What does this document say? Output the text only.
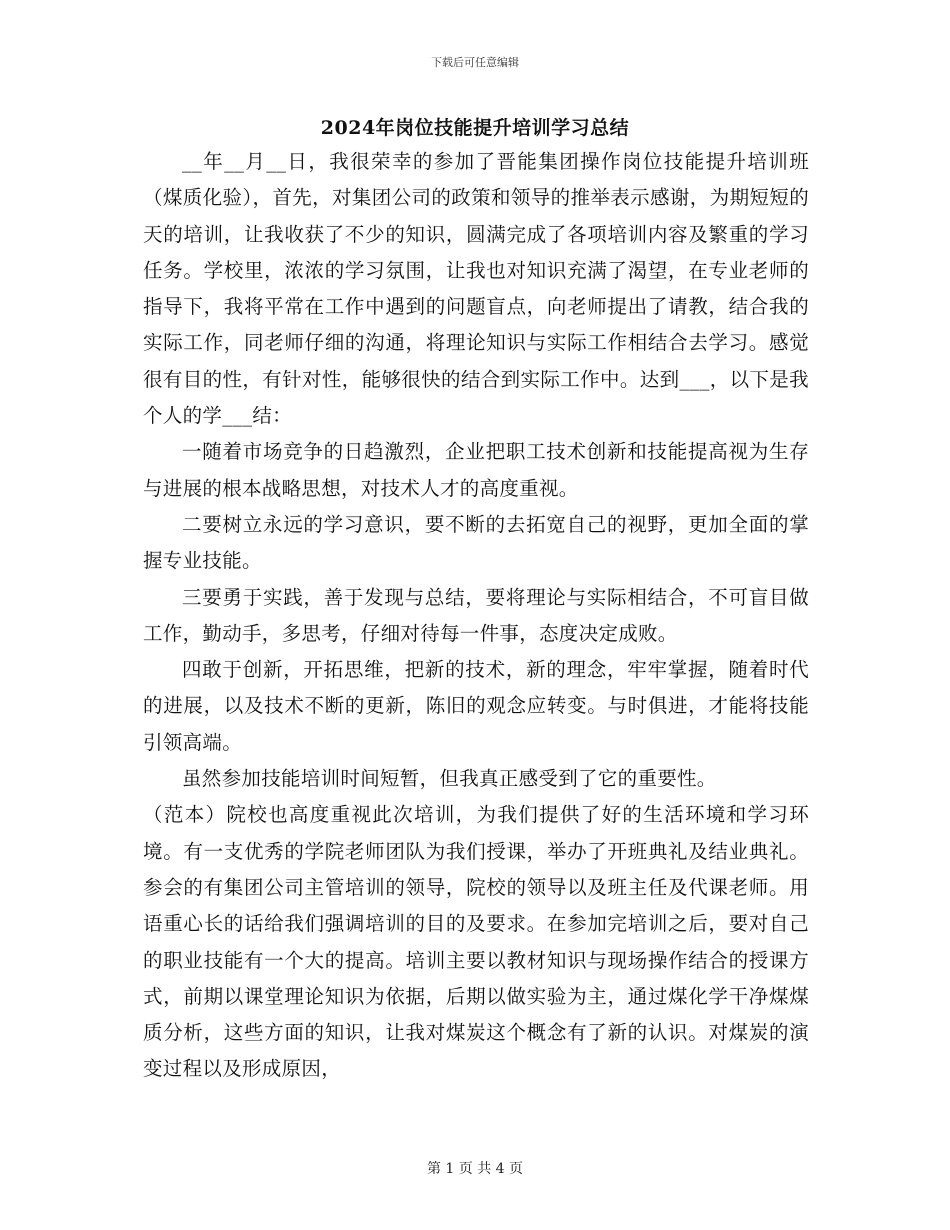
下载后可任意编辑
2024年岗位技能提升培训学习总结

__年__月__日，我很荣幸的参加了晋能集团操作岗位技能提升培训班（煤质化验），首先，对集团公司的政策和领导的推举表示感谢，为期短短的天的培训，让我收获了不少的知识，圆满完成了各项培训内容及繁重的学习任务。学校里，浓浓的学习氛围，让我也对知识充满了渴望，在专业老师的指导下，我将平常在工作中遇到的问题盲点，向老师提出了请教，结合我的实际工作，同老师仔细的沟通，将理论知识与实际工作相结合去学习。感觉很有目的性，有针对性，能够很快的结合到实际工作中。达到___，以下是我个人的学___结：

一随着市场竞争的日趋激烈，企业把职工技术创新和技能提高视为生存与进展的根本战略思想，对技术人才的高度重视。

二要树立永远的学习意识，要不断的去拓宽自己的视野，更加全面的掌握专业技能。

三要勇于实践，善于发现与总结，要将理论与实际相结合，不可盲目做工作，勤动手，多思考，仔细对待每一件事，态度决定成败。

四敢于创新，开拓思维，把新的技术，新的理念，牢牢掌握，随着时代的进展，以及技术不断的更新，陈旧的观念应转变。与时俱进，才能将技能引领高端。

虽然参加技能培训时间短暂，但我真正感受到了它的重要性。

（范本）院校也高度重视此次培训，为我们提供了好的生活环境和学习环境。有一支优秀的学院老师团队为我们授课，举办了开班典礼及结业典礼。参会的有集团公司主管培训的领导，院校的领导以及班主任及代课老师。用语重心长的话给我们强调培训的目的及要求。在参加完培训之后，要对自己的职业技能有一个大的提高。培训主要以教材知识与现场操作结合的授课方式，前期以课堂理论知识为依据，后期以做实验为主，通过煤化学干净煤煤质分析，这些方面的知识，让我对煤炭这个概念有了新的认识。对煤炭的演变过程以及形成原因，

第 1 页 共 4 页
